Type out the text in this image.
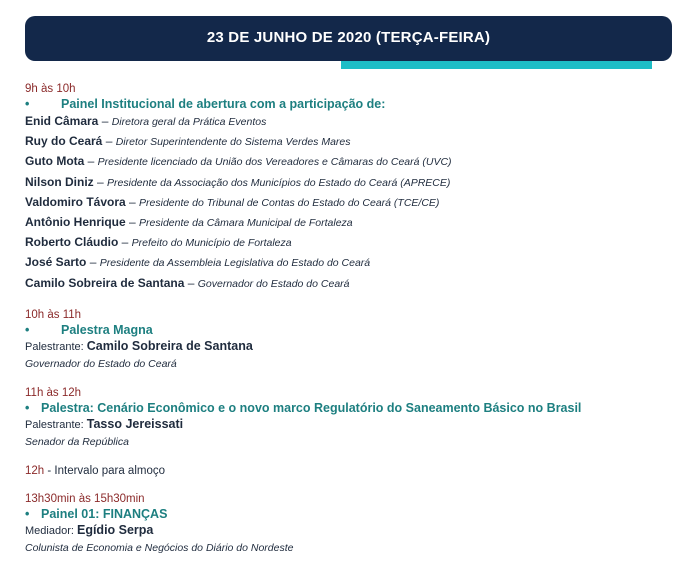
23 DE JUNHO DE 2020 (TERÇA-FEIRA)
9h às 10h
•	Painel Institucional de abertura com a participação de:
Enid Câmara – Diretora geral da Prática Eventos
Ruy do Ceará – Diretor Superintendente do Sistema Verdes Mares
Guto Mota – Presidente licenciado da União dos Vereadores e Câmaras do Ceará (UVC)
Nilson Diniz – Presidente da Associação dos Municípios do Estado do Ceará (APRECE)
Valdomiro Távora – Presidente do Tribunal de Contas do Estado do Ceará (TCE/CE)
Antônio Henrique – Presidente da Câmara Municipal de Fortaleza
Roberto Cláudio – Prefeito do Município de Fortaleza
José Sarto – Presidente da Assembleia Legislativa do Estado do Ceará
Camilo Sobreira de Santana – Governador do Estado do Ceará
10h às 11h
•	Palestra Magna
Palestrante: Camilo Sobreira de Santana
Governador do Estado do Ceará
11h às 12h
• Palestra: Cenário Econômico e o novo marco Regulatório do Saneamento Básico no Brasil
Palestrante: Tasso Jereissati
Senador da República
12h - Intervalo para almoço
13h30min às 15h30min
• Painel 01: FINANÇAS
Mediador: Egídio Serpa
Colunista de Economia e Negócios do Diário do Nordeste
